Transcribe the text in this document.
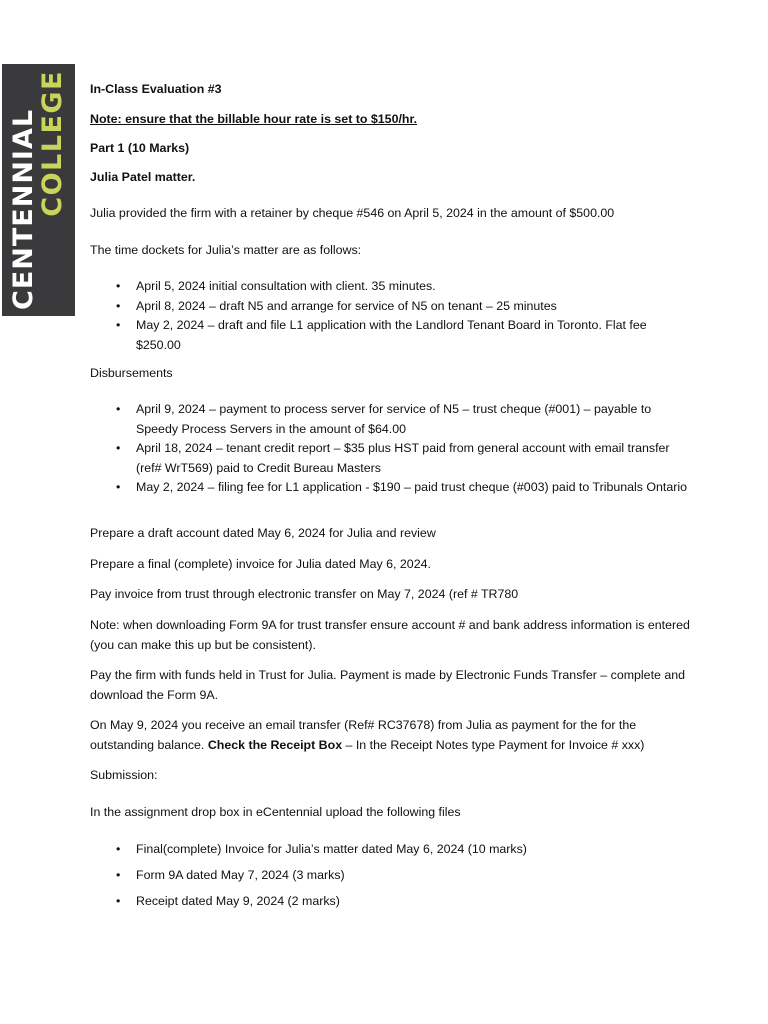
CENTENNIAL
COLLEGE In-Class Evaluation #3

Note: ensure that the billable hour rate is set to $150/hr.

Part 1 (10 Marks)

Julia Patel matter.

Julia provided the firm with a retainer by cheque #546 on April 5, 2024 in the amount of $500.00

The time dockets for Julia’s matter are as follows:

• April 5, 2024 initial consultation with client. 35 minutes.
• April 8, 2024 – draft N5 and arrange for service of N5 on tenant – 25 minutes
• May 2, 2024 – draft and file L1 application with the Landlord Tenant Board in Toronto. Flat fee $250.00

Disbursements

• April 9, 2024 – payment to process server for service of N5 – trust cheque (#001) – payable to Speedy Process Servers in the amount of $64.00
• April 18, 2024 – tenant credit report – $35 plus HST paid from general account with email transfer (ref# WrT569) paid to Credit Bureau Masters
• May 2, 2024 – filing fee for L1 application - $190 – paid trust cheque (#003) paid to Tribunals Ontario

Prepare a draft account dated May 6, 2024 for Julia and review

Prepare a final (complete) invoice for Julia dated May 6, 2024.

Pay invoice from trust through electronic transfer on May 7, 2024 (ref # TR780

Note: when downloading Form 9A for trust transfer ensure account # and bank address information is entered (you can make this up but be consistent).

Pay the firm with funds held in Trust for Julia. Payment is made by Electronic Funds Transfer – complete and download the Form 9A.

On May 9, 2024 you receive an email transfer (Ref# RC37678) from Julia as payment for the for the outstanding balance. Check the Receipt Box – In the Receipt Notes type Payment for Invoice # xxx)

Submission:

In the assignment drop box in eCentennial upload the following files

• Final(complete) Invoice for Julia’s matter dated May 6, 2024 (10 marks)
• Form 9A dated May 7, 2024 (3 marks)
• Receipt dated May 9, 2024 (2 marks)
